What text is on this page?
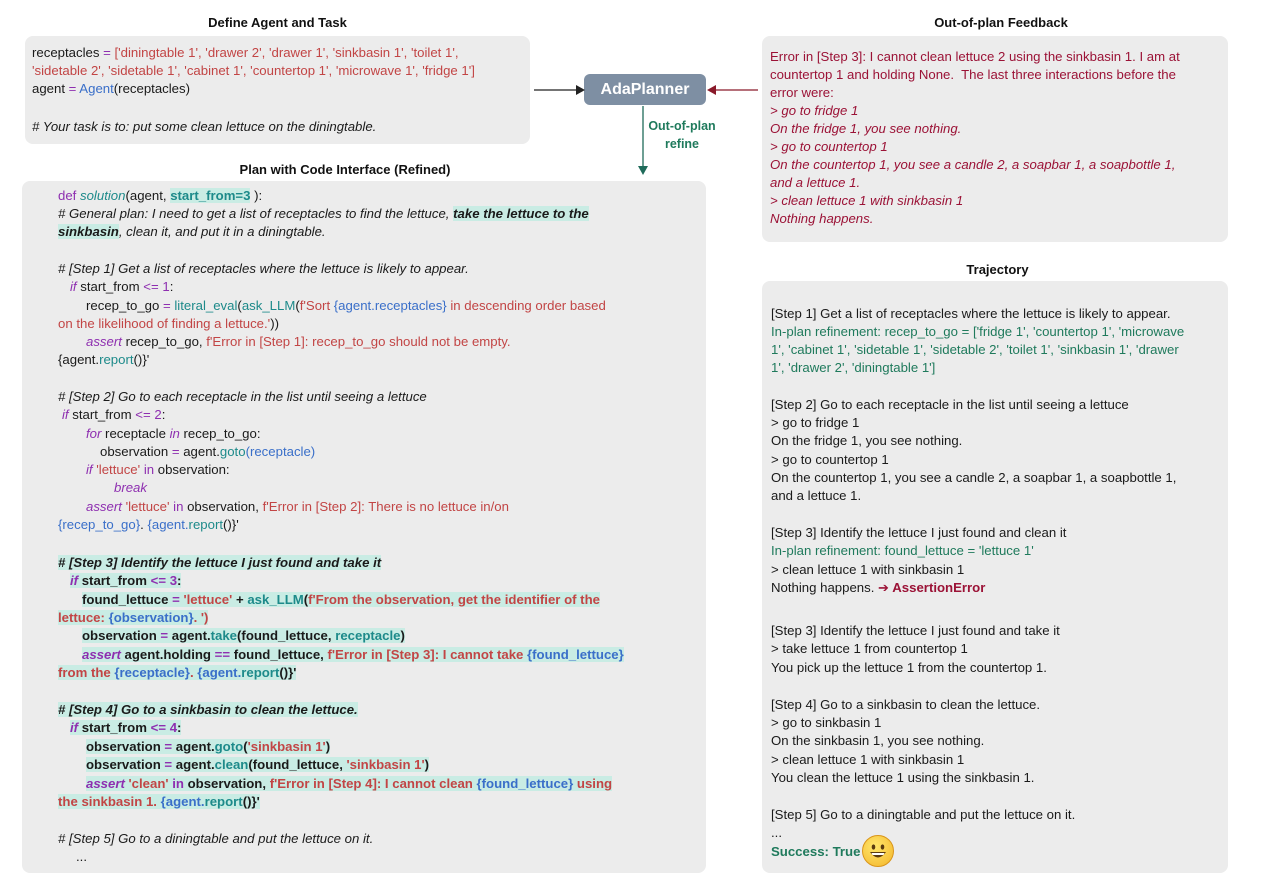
Define Agent and Task	Out-of-plan Feedback
Plan with Code Interface (Refined)
Trajectory
receptacles = ['diningtable 1', 'drawer 2', 'drawer 1', 'sinkbasin 1', 'toilet 1',
'sidetable 2', 'sidetable 1', 'cabinet 1', 'countertop 1', 'microwave 1', 'fridge 1']
agent = Agent(receptacles)
# Your task is to: put some clean lettuce on the diningtable.
AdaPlanner
Out-of-plan
refine
Error in [Step 3]: I cannot clean lettuce 2 using the sinkbasin 1. I am at
countertop 1 and holding None.  The last three interactions before the
error were:
> go to fridge 1
On the fridge 1, you see nothing.
> go to countertop 1
On the countertop 1, you see a candle 2, a soapbar 1, a soapbottle 1,
and a lettuce 1.
> clean lettuce 1 with sinkbasin 1
Nothing happens.
def solution(agent, start_from=3 ):
# General plan: I need to get a list of receptacles to find the lettuce, take the lettuce to the
sinkbasin, clean it, and put it in a diningtable.
# [Step 1] Get a list of receptacles where the lettuce is likely to appear.
if start_from <= 1:
recep_to_go = literal_eval(ask_LLM(f'Sort {agent.receptacles} in descending order based
on the likelihood of finding a lettuce.'))
assert recep_to_go, f'Error in [Step 1]: recep_to_go should not be empty.
{agent.report()}'
# [Step 2] Go to each receptacle in the list until seeing a lettuce
if start_from <= 2:
for receptacle in recep_to_go:
observation = agent.goto(receptacle)
if 'lettuce' in observation:
break
assert 'lettuce' in observation, f'Error in [Step 2]: There is no lettuce in/on
{recep_to_go}. {agent.report()}'
# [Step 3] Identify the lettuce I just found and take it
if start_from <= 3:
found_lettuce = 'lettuce' + ask_LLM(f'From the observation, get the identifier of the
lettuce: {observation}. ')
observation = agent.take(found_lettuce, receptacle)
assert agent.holding == found_lettuce, f'Error in [Step 3]: I cannot take {found_lettuce}
from the {receptacle}. {agent.report()}'
# [Step 4] Go to a sinkbasin to clean the lettuce.
if start_from <= 4:
observation = agent.goto('sinkbasin 1')
observation = agent.clean(found_lettuce, 'sinkbasin 1')
assert 'clean' in observation, f'Error in [Step 4]: I cannot clean {found_lettuce} using
the sinkbasin 1. {agent.report()}'
# [Step 5] Go to a diningtable and put the lettuce on it.
...
[Step 1] Get a list of receptacles where the lettuce is likely to appear.
In-plan refinement: recep_to_go = ['fridge 1', 'countertop 1', 'microwave
1', 'cabinet 1', 'sidetable 1', 'sidetable 2', 'toilet 1', 'sinkbasin 1', 'drawer
1', 'drawer 2', 'diningtable 1']
[Step 2] Go to each receptacle in the list until seeing a lettuce
> go to fridge 1
On the fridge 1, you see nothing.
> go to countertop 1
On the countertop 1, you see a candle 2, a soapbar 1, a soapbottle 1,
and a lettuce 1.
[Step 3] Identify the lettuce I just found and clean it
In-plan refinement: found_lettuce = 'lettuce 1'
> clean lettuce 1 with sinkbasin 1
Nothing happens. ➔ AssertionError
[Step 3] Identify the lettuce I just found and take it
> take lettuce 1 from countertop 1
You pick up the lettuce 1 from the countertop 1.
[Step 4] Go to a sinkbasin to clean the lettuce.
> go to sinkbasin 1
On the sinkbasin 1, you see nothing.
> clean lettuce 1 with sinkbasin 1
You clean the lettuce 1 using the sinkbasin 1.
[Step 5] Go to a diningtable and put the lettuce on it.
...
Success: True
